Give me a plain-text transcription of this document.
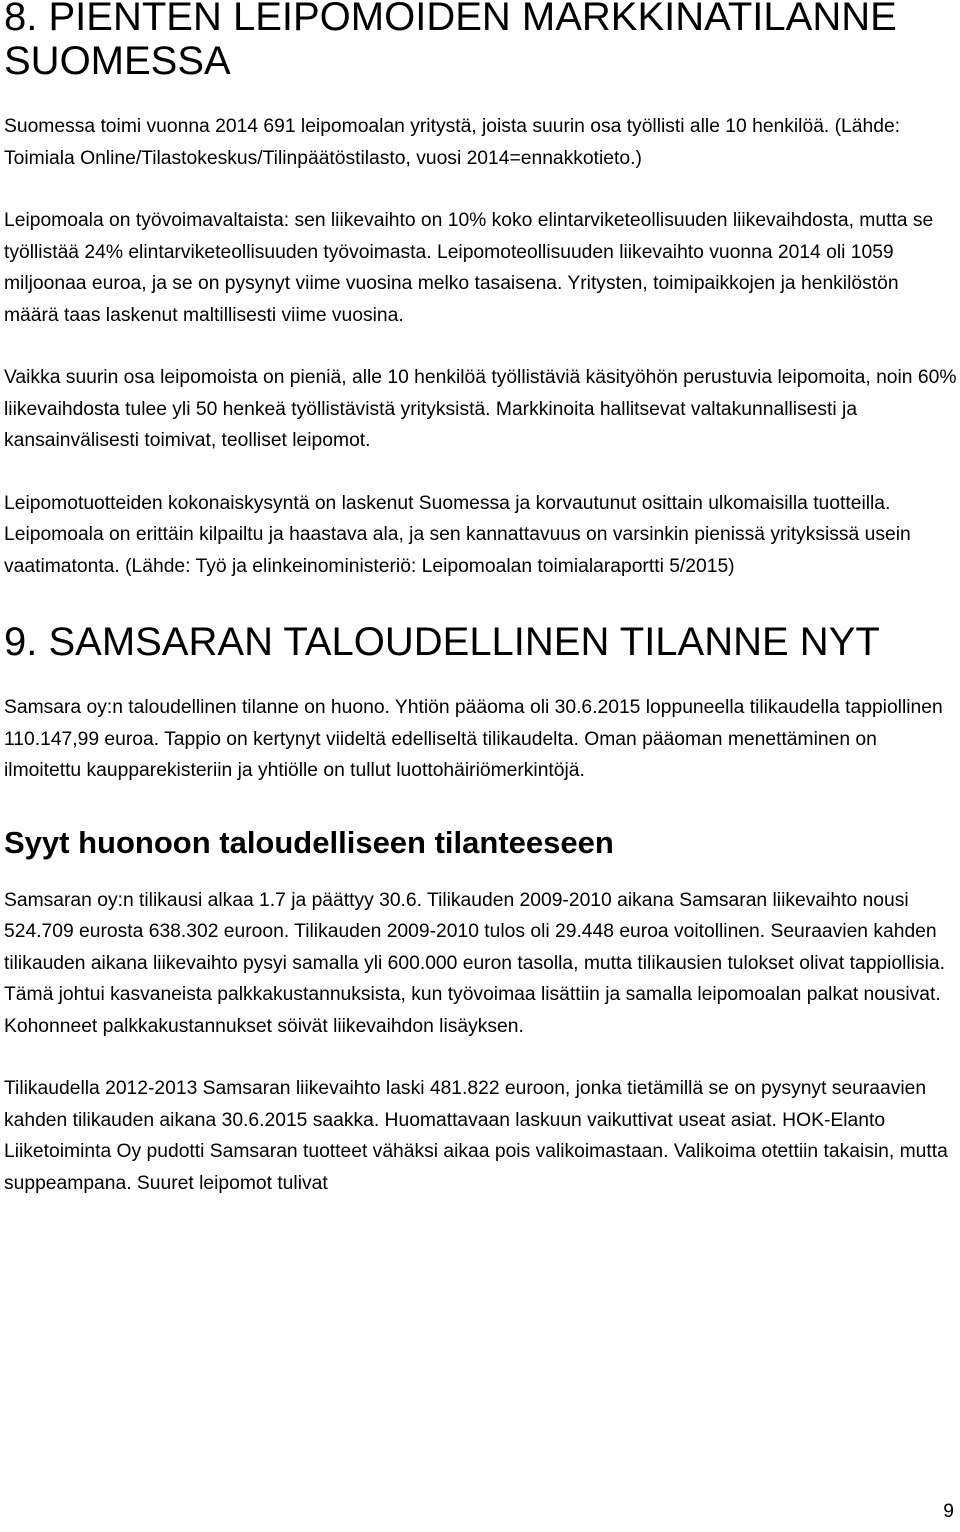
8. PIENTEN LEIPOMOIDEN MARKKINATILANNE SUOMESSA

Suomessa toimi vuonna 2014 691 leipomoalan yritystä, joista suurin osa työllisti alle 10 henkilöä. (Lähde: Toimiala Online/Tilastokeskus/Tilinpäätöstilasto, vuosi 2014=ennakkotieto.)

Leipomoala on työvoimavaltaista: sen liikevaihto on 10% koko elintarviketeollisuuden liikevaihdosta, mutta se työllistää 24% elintarviketeollisuuden työvoimasta. Leipomoteollisuuden liikevaihto vuonna 2014 oli 1059 miljoonaa euroa, ja se on pysynyt viime vuosina melko tasaisena. Yritysten, toimipaikkojen ja henkilöstön määrä taas laskenut maltillisesti viime vuosina.

Vaikka suurin osa leipomoista on pieniä, alle 10 henkilöä työllistäviä käsityöhön perustuvia leipomoita, noin 60% liikevaihdosta tulee yli 50 henkeä työllistävistä yrityksistä. Markkinoita hallitsevat valtakunnallisesti ja kansainvälisesti toimivat, teolliset leipomot.

Leipomotuotteiden kokonaiskysyntä on laskenut Suomessa ja korvautunut osittain ulkomaisilla tuotteilla. Leipomoala on erittäin kilpailtu ja haastava ala, ja sen kannattavuus on varsinkin pienissä yrityksissä usein vaatimatonta. (Lähde: Työ ja elinkeinoministeriö: Leipomoalan toimialaraportti 5/2015)

9. SAMSARAN TALOUDELLINEN TILANNE NYT

Samsara oy:n taloudellinen tilanne on huono. Yhtiön pääoma oli 30.6.2015 loppuneella tilikaudella tappiollinen 110.147,99 euroa. Tappio on kertynyt viideltä edelliseltä tilikaudelta. Oman pääoman menettäminen on ilmoitettu kaupparekisteriin ja yhtiölle on tullut luottohäiriömerkintöjä.

Syyt huonoon taloudelliseen tilanteeseen

Samsaran oy:n tilikausi alkaa 1.7 ja päättyy 30.6. Tilikauden 2009-2010 aikana Samsaran liikevaihto nousi 524.709 eurosta 638.302 euroon. Tilikauden 2009-2010 tulos oli 29.448 euroa voitollinen. Seuraavien kahden tilikauden aikana liikevaihto pysyi samalla yli 600.000 euron tasolla, mutta tilikausien tulokset olivat tappiollisia. Tämä johtui kasvaneista palkkakustannuksista, kun työvoimaa lisättiin ja samalla leipomoalan palkat nousivat. Kohonneet palkkakustannukset söivät liikevaihdon lisäyksen.

Tilikaudella 2012-2013 Samsaran liikevaihto laski 481.822 euroon, jonka tietämillä se on pysynyt seuraavien kahden tilikauden aikana 30.6.2015 saakka. Huomattavaan laskuun vaikuttivat useat asiat. HOK-Elanto Liiketoiminta Oy pudotti Samsaran tuotteet vähäksi aikaa pois valikoimastaan. Valikoima otettiin takaisin, mutta suppeampana. Suuret leipomot tulivat

9
